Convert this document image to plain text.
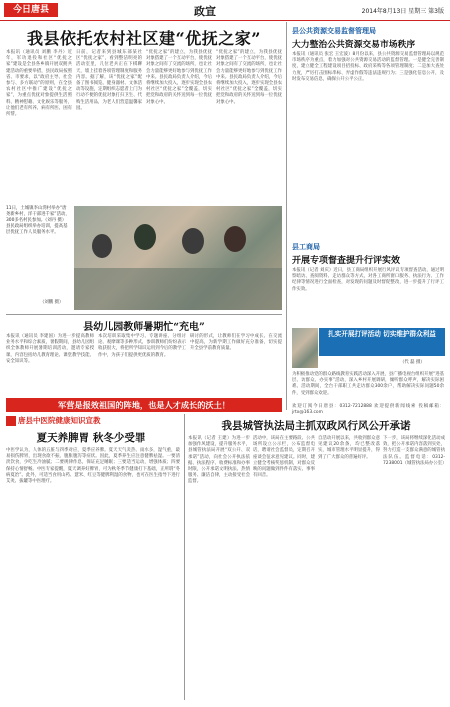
今日唐县	政宣	2014年8月13日 星期三 第3版
我县依托农村社区建“优抚之家”
本报讯（通讯员 刘鹏 李丹）近年，军功退役和社区“优抚之家”建设是全县各乡镇开展双拥共建活动的重要举措，县民政局按照省、市要求，以“政府主导、社会参与、多方联动”的原则，在全县农村社区中推广建设“优抚之家”，为重点优抚对象提供生活照料、精神慰藉、文化娱乐等服务，让他们老有所养、病有所医、困有所帮。
日前，记者来到县城东部某社区“优抚之家”，看到整洁明亮的活动室里，几位老兵正在下棋聊天，墙上挂着各项管理制度和服务内容。据了解，该“优抚之家”配备了图书阅览、健身器材、文体活动等设施，定期组织志愿者上门为行动不便的优抚对象打扫卫生、代购生活用品，为老人们营造温馨家园。
“优抚之家”的建立，为我县优抚对象搭建了一个互动平台，使优抚对象之间有了交流的场所，也让社会力量能够更好地参与到优抚工作中来。县民政局负责人介绍，今后将继续加大投入，逐步实现全县农村社区“优抚之家”全覆盖，切实把党和政府的关怀送到每一位优抚对象心中。
“优抚之家”的建立，为我县优抚对象搭建了一个互动平台，使优抚对象之间有了交流的场所，也让社会力量能够更好地参与到优抚工作中来。县民政局负责人介绍，今后将继续加大投入，逐步实现全县农村社区“优抚之家”全覆盖，切实把党和政府的关怀送到每一位优抚对象心中。
11日，土城镇李山湾村举办“唐尧新乡村，洋干部进千家”活动，300多名村民参加。（刘丹 摄）县民政局组织举办培训，提高基层优抚工作人员服务水平。
（刘鹏 摄）
县幼儿园教师暑期忙“充电”
本报讯（通讯员 李建国）为进一步提高教师业务水平和综合素质，暑假期间，县幼儿园组织全体教师开展暑期培训活动，邀请专家授课，内容包括幼儿教育理论、课堂教学技能、安全知识等。
本次培训采取集中学习、专题讲座、分组讨论、观摩课等多种形式，参训教师们纷纷表示收获很大，将把所学知识运用到今后的教学工作中，为孩子们提供更优质的教育。
研讨的形式，让教师们在学习中成长、在交流中提高，为新学期工作做好充分准备，切实提升全县学前教育质量。
军营是报效祖国的阵地，也是人才成长的沃土！
唐县中医院健康知识宣教
夏天养脾胃 秋冬少受罪
中医学认为，人体的五脏与四季对应，夏季应养脾。夏天天气炎热、雨水多，湿气重，最易损伤脾胃，出现食欲不振、腹胀腹泻等症状。因此，夏季养生应注意健脾祛湿。一要清淡饮食，少吃生冷油腻；二要规律作息，保证充足睡眠；三要适当运动，增强体质；四要保持心情舒畅。中医专家提醒，夏天调养好脾胃，可为秋冬季节健康打下基础，正所谓“冬病夏治”。此外，可适当食用山药、薏米、红豆等健脾利湿的食物，也可在医生指导下进行艾灸、拔罐等中医理疗。
我县城管执法局主抓双政风行风公开承诺
本报讯（记者 王建）为进一步加强作风建设，提升服务水平，县城管执法局开展“双公开、双承诺”活动，向社会公开执法依据、执法程序、收费标准和办事时限，公开承诺文明执法、热情服务、廉洁自律，主动接受社会监督。
活动中，该局在主要路段、公共场所设立公示栏，公布监督电话，聘请社会监督员，定期召开座谈会征求意见建议。同时，建立健全考核奖惩机制，对群众反映的问题做到件件有落实、事事有回音。
自活动开展以来，共收到群众意见建议20余条，均已整改落实，城市管理水平明显提升，得到了广大群众的普遍好评。
下一步，该局将继续深化活动成效，把公开承诺内容落到实处，努力打造一支群众满意的城管执法队伍。监督电话：0312-7238001（城管执法局办公室）
县公共资源交易监督管理局
大力整治公共资源交易市场秩序
本报讯（通讯员 张宏 王宏波）8月份以来，县公共资源交易监督管理局以规范市场秩序为重点，着力加强对公共资源交易活动的监督管理。一是健全完善制度，建立健全工程建设项目招投标、政府采购等各项管理制度；二是加大查处力度，严厉打击围标串标、弄虚作假等违法违规行为；三是强化信息公开，及时发布交易信息，确保公开公平公正。
县工商局
开展专项督查提升行评实效
本报讯（记者 刘庆）近日，县工商局组织开展行风评议专项督查活动，通过明察暗访、查阅资料、走访群众等方式，对各工商所窗口服务、执法行为、工作纪律等情况进行全面检查，对发现的问题及时督促整改，进一步提升了行评工作实效。
扎实开展打评活动 切实维护群众利益
（代 磊 摄）
为积极推动党的群众路线教育实践活动深入开展，县广播电视台组织开展“进基层、访群众、办实事”活动，深入乡村开展调研，倾听群众呼声，解决实际困难。活动期间，全台干部职工共走访群众300余户，帮助解决实际问题50余件，受到群众欢迎。
欢迎订阅今日唐县：0312-7212888 欢迎提供新闻线索 投稿邮箱：jrtx@163.com
